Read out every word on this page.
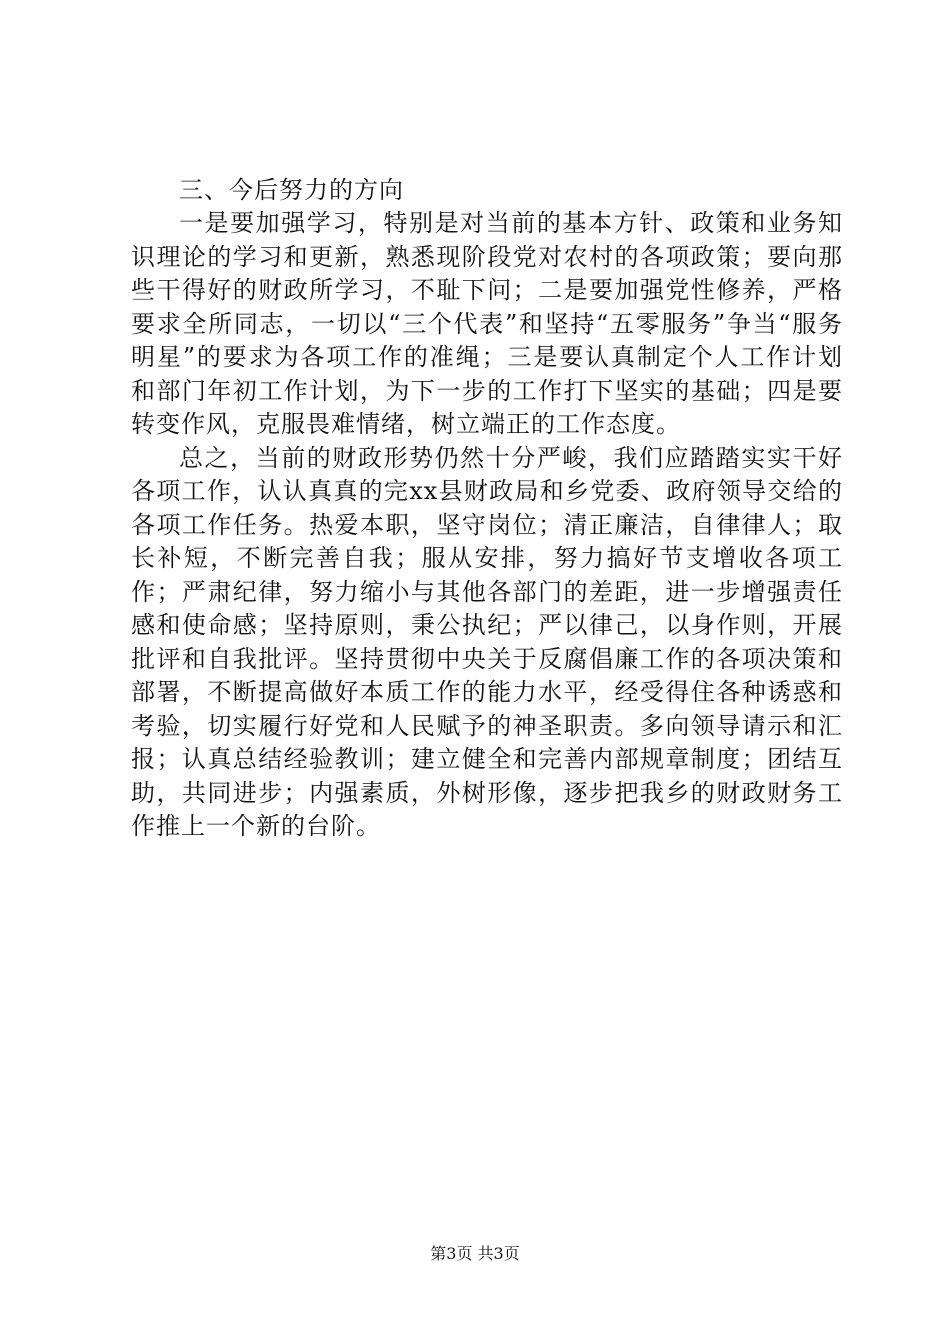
三、今后努力的方向

一是要加强学习，特别是对当前的基本方针、政策和业务知识理论的学习和更新，熟悉现阶段党对农村的各项政策；要向那些干得好的财政所学习，不耻下问；二是要加强党性修养，严格要求全所同志，一切以“三个代表”和坚持“五零服务”争当“服务明星”的要求为各项工作的准绳；三是要认真制定个人工作计划和部门年初工作计划，为下一步的工作打下坚实的基础；四是要转变作风，克服畏难情绪，树立端正的工作态度。

总之，当前的财政形势仍然十分严峻，我们应踏踏实实干好各项工作，认认真真的完xx县财政局和乡党委、政府领导交给的各项工作任务。热爱本职，坚守岗位；清正廉洁，自律律人；取长补短，不断完善自我；服从安排，努力搞好节支增收各项工作；严肃纪律，努力缩小与其他各部门的差距，进一步增强责任感和使命感；坚持原则，秉公执纪；严以律己，以身作则，开展批评和自我批评。坚持贯彻中央关于反腐倡廉工作的各项决策和部署，不断提高做好本质工作的能力水平，经受得住各种诱惑和考验，切实履行好党和人民赋予的神圣职责。多向领导请示和汇报；认真总结经验教训；建立健全和完善内部规章制度；团结互助，共同进步；内强素质，外树形像，逐步把我乡的财政财务工作推上一个新的台阶。

第3页 共3页
